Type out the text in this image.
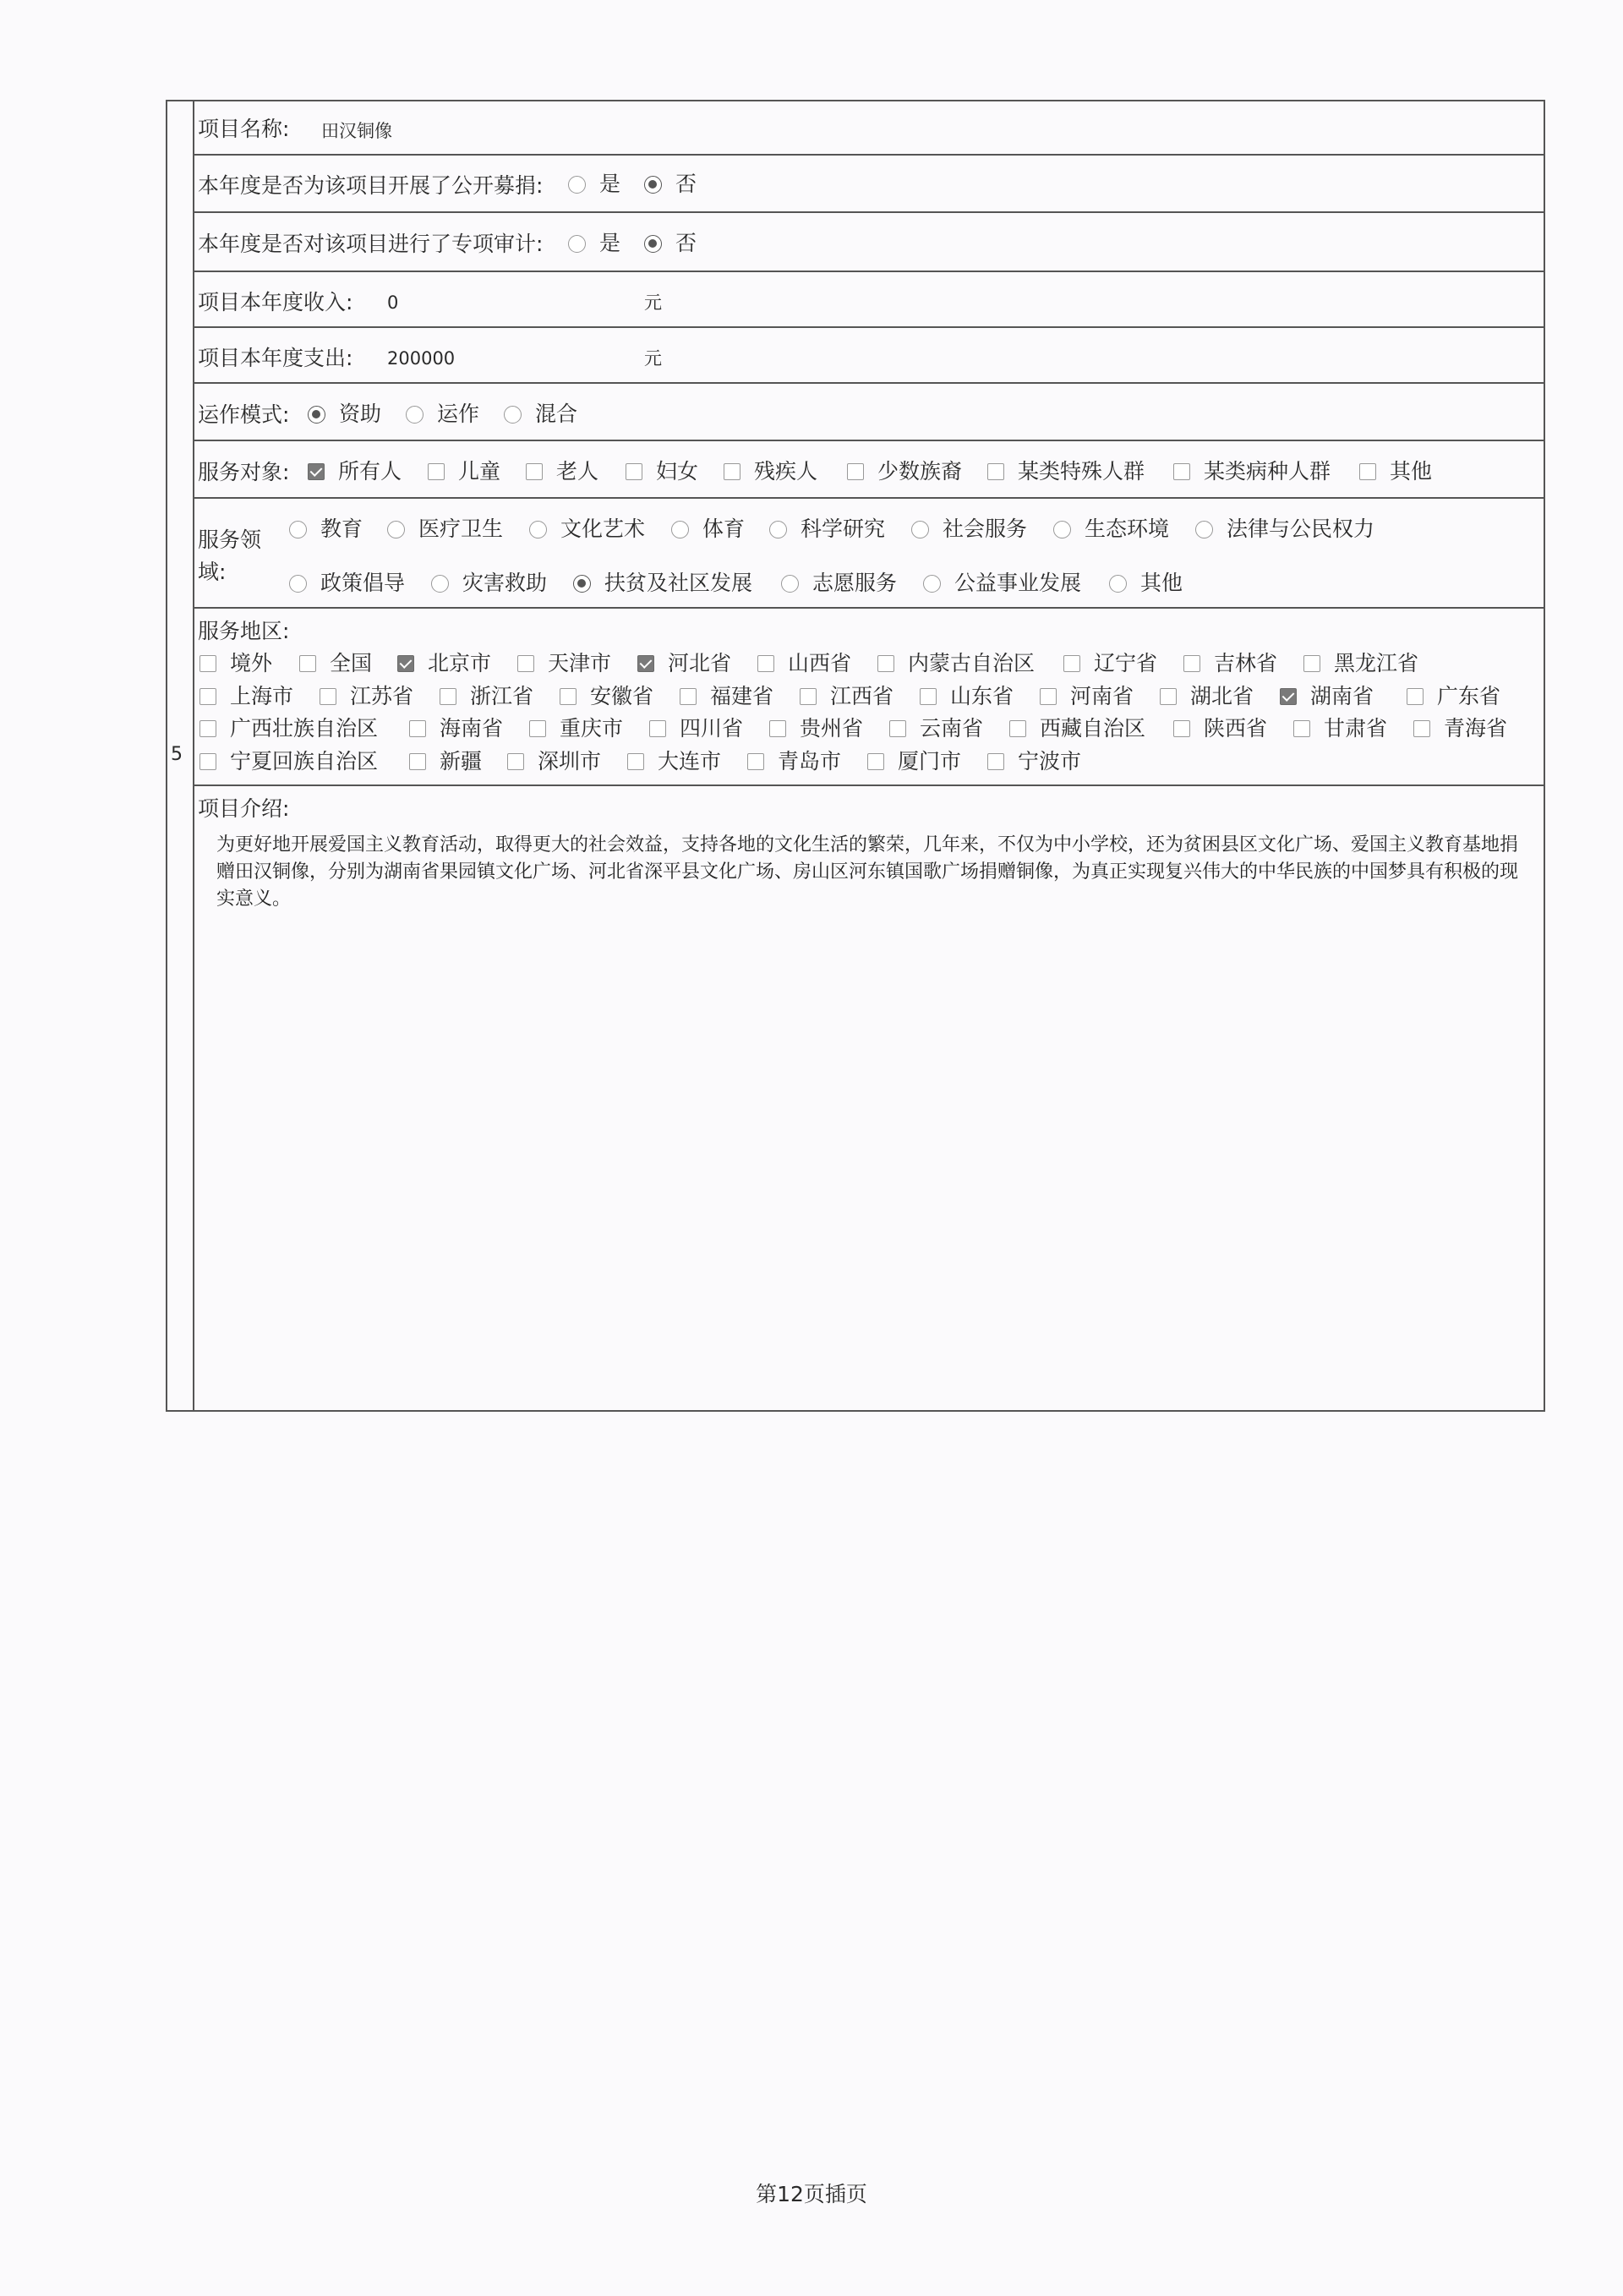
5
项目名称: 田汉铜像
本年度是否为该项目开展了公开募捐:	是	否
本年度是否对该项目进行了专项审计:	是	否
项目本年度收入: 0	元
项目本年度支出: 200000	元
运作模式: 资助	运作	混合
服务对象: 所有人	儿童	老人	妇女	残疾人	少数族裔	某类特殊人群	某类病种人群	其他
服务领
域:
教育	医疗卫生	文化艺术	体育	科学研究	社会服务	生态环境	法律与公民权力
政策倡导	灾害救助	扶贫及社区发展	志愿服务	公益事业发展	其他
服务地区:
境外	全国	北京市	天津市	河北省	山西省	内蒙古自治区	辽宁省	吉林省	黑龙江省
上海市	江苏省	浙江省	安徽省	福建省	江西省	山东省	河南省	湖北省	湖南省	广东省
广西壮族自治区	海南省	重庆市	四川省	贵州省	云南省	西藏自治区	陕西省	甘肃省	青海省
宁夏回族自治区	新疆	深圳市	大连市	青岛市	厦门市	宁波市
项目介绍:
为更好地开展爱国主义教育活动，取得更大的社会效益，支持各地的文化生活的繁荣，几年来，不仅为中小学校，还为贫困县区文化广场、爱国主义教育基地捐赠田汉铜像，分别为湖南省果园镇文化广场、河北省深平县文化广场、房山区河东镇国歌广场捐赠铜像，为真正实现复兴伟大的中华民族的中国梦具有积极的现实意义。
第12页插页
